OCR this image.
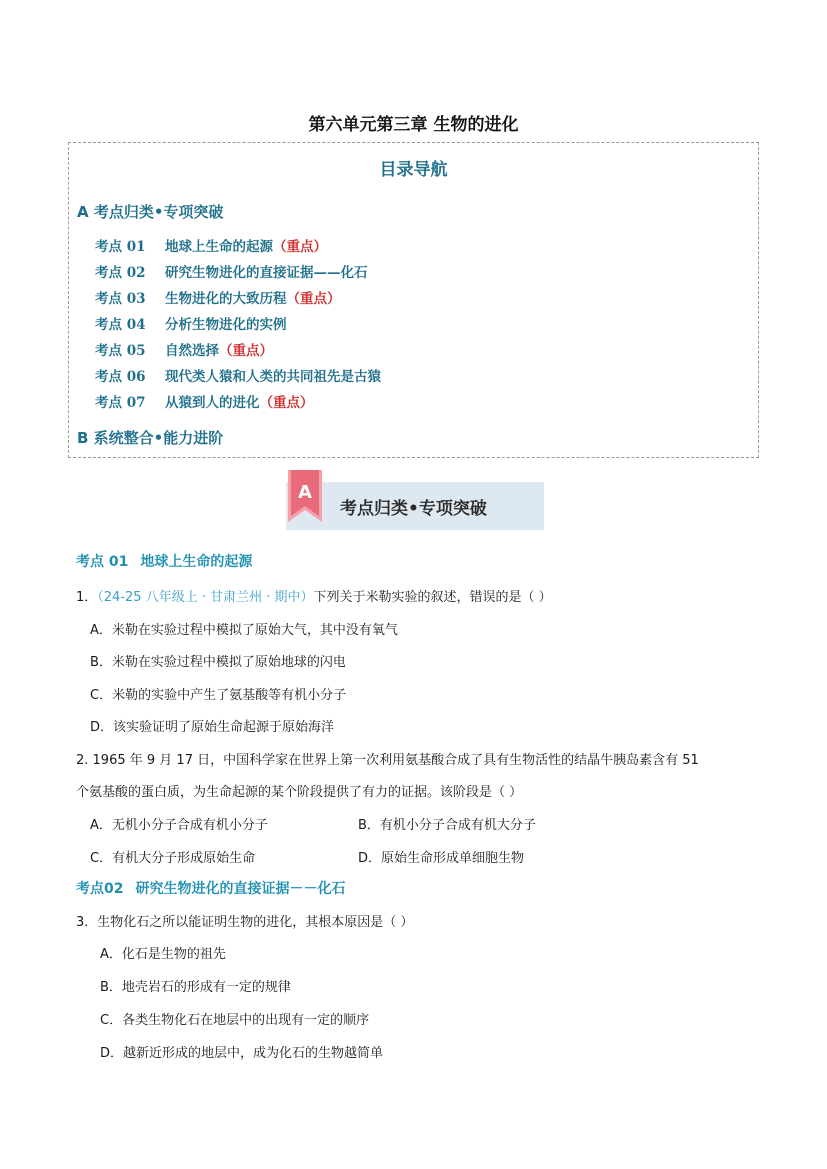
第六单元第三章 生物的进化
目录导航
A 考点归类•专项突破
考点 01 地球上生命的起源（重点）
考点 02 研究生物进化的直接证据——化石
考点 03 生物进化的大致历程（重点）
考点 04 分析生物进化的实例
考点 05 自然选择（重点）
考点 06 现代类人猿和人类的共同祖先是古猿
考点 07 从猿到人的进化（重点）
B 系统整合•能力进阶
A
考点归类•专项突破
考点 01 地球上生命的起源
1．（24-25 八年级上 · 甘肃兰州 · 期中）下列关于米勒实验的叙述，错误的是（ ）
A．米勒在实验过程中模拟了原始大气，其中没有氧气
B．米勒在实验过程中模拟了原始地球的闪电
C．米勒的实验中产生了氨基酸等有机小分子
D．该实验证明了原始生命起源于原始海洋
2. 1965 年 9 月 17 日，中国科学家在世界上第一次利用氨基酸合成了具有生物活性的结晶牛胰岛素含有 51
个氨基酸的蛋白质，为生命起源的某个阶段提供了有力的证据。该阶段是（ ）
A．无机小分子合成有机小分子	B．有机小分子合成有机大分子
C．有机大分子形成原始生命	D．原始生命形成单细胞生物
考点02 研究生物进化的直接证据－－化石
3．生物化石之所以能证明生物的进化，其根本原因是（ ）
A．化石是生物的祖先
B．地壳岩石的形成有一定的规律
C．各类生物化石在地层中的出现有一定的顺序
D．越新近形成的地层中，成为化石的生物越简单
